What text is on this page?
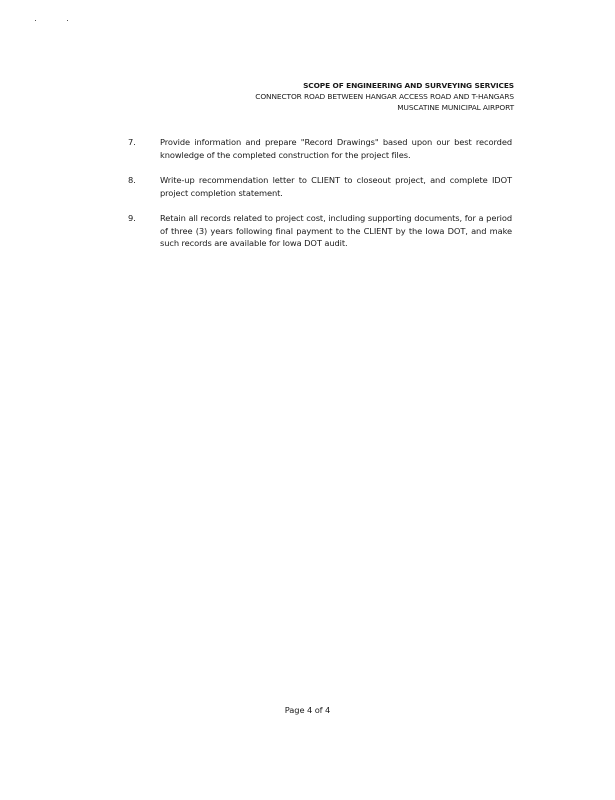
SCOPE OF ENGINEERING AND SURVEYING SERVICES
CONNECTOR ROAD BETWEEN HANGAR ACCESS ROAD AND T-HANGARS
MUSCATINE MUNICIPAL AIRPORT
7.	Provide information and prepare "Record Drawings" based upon our best recorded knowledge of the completed construction for the project files.
8.	Write-up recommendation letter to CLIENT to closeout project, and complete IDOT project completion statement.
9.	Retain all records related to project cost, including supporting documents, for a period of three (3) years following final payment to the CLIENT by the Iowa DOT, and make such records are available for Iowa DOT audit.
Page 4 of 4
